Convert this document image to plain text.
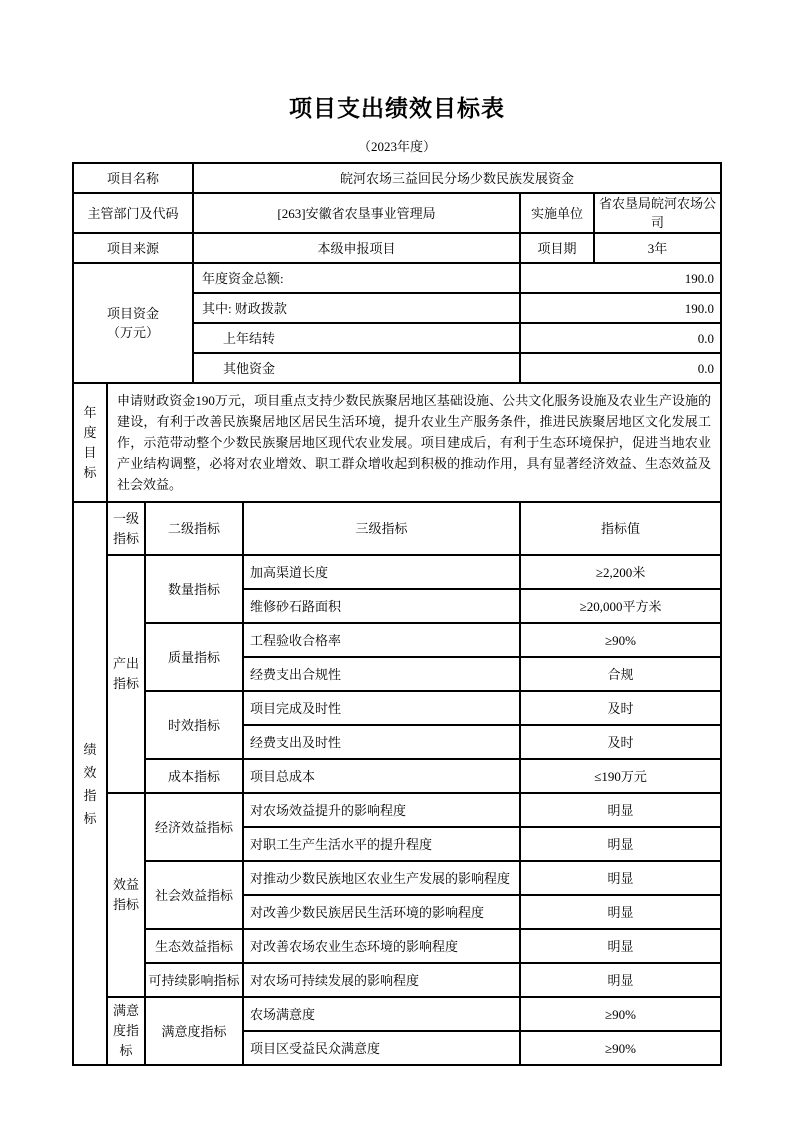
项目支出绩效目标表
（2023年度）
项目名称			皖河农场三益回民分场少数民族发展资金			
主管部门及代码			[263]安徽省农垦事业管理局		实施单位	省农垦局皖河农场公司
项目来源			本级申报项目		项目期	3年

项目资金
（万元）			年度资金总额:		190.0	
			其中: 财政拨款		190.0	
			上年结转		0.0	
			其他资金		0.0	
年度目标	申请财政资金190万元，项目重点支持少数民族聚居地区基础设施、公共文化服务设施及农业生产设施的建设，有利于改善民族聚居地区居民生活环境，提升农业生产服务条件，推进民族聚居地区文化发展工作，示范带动整个少数民族聚居地区现代农业发展。项目建成后，有利于生态环境保护，促进当地农业产业结构调整，必将对农业增效、职工群众增收起到积极的推动作用，具有显著经济效益、生态效益及社会效益。					

绩效指标	一级指标	二级指标		三级指标	指标值	
	产出指标	数量指标		加高渠道长度	≥2,200米	
				维修砂石路面积	≥20,000平方米	
		质量指标		工程验收合格率	≥90%	
				经费支出合规性	合规	
		时效指标		项目完成及时性	及时	
				经费支出及时性	及时	
		成本指标		项目总成本	≤190万元	
	效益指标	经济效益指标		对农场效益提升的影响程度	明显	
				对职工生产生活水平的提升程度	明显	
		社会效益指标		对推动少数民族地区农业生产发展的影响程度	明显	
				对改善少数民族居民生活环境的影响程度	明显	
		生态效益指标		对改善农场农业生态环境的影响程度	明显	
		可持续影响指标		对农场可持续发展的影响程度	明显	
	满意度指标	满意度指标		农场满意度	≥90%	
				项目区受益民众满意度	≥90%	
